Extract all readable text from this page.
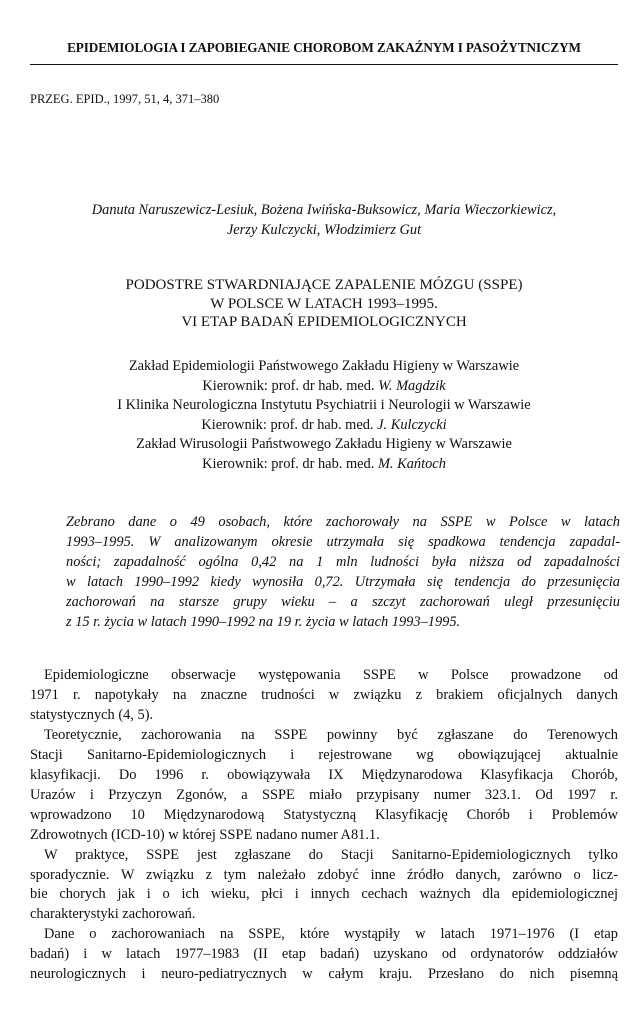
EPIDEMIOLOGIA I ZAPOBIEGANIE CHOROBOM ZAKAŹNYM I PASOŻYTNICZYM
PRZEG. EPID., 1997, 51, 4, 371–380
Danuta Naruszewicz-Lesiuk, Bożena Iwińska-Buksowicz, Maria Wieczorkiewicz,
Jerzy Kulczycki, Włodzimierz Gut
PODOSTRE STWARDNIAJĄCE ZAPALENIE MÓZGU (SSPE)
W POLSCE W LATACH 1993–1995.
VI ETAP BADAŃ EPIDEMIOLOGICZNYCH
Zakład Epidemiologii Państwowego Zakładu Higieny w Warszawie
Kierownik: prof. dr hab. med. W. Magdzik
I Klinika Neurologiczna Instytutu Psychiatrii i Neurologii w Warszawie
Kierownik: prof. dr hab. med. J. Kulczycki
Zakład Wirusologii Państwowego Zakładu Higieny w Warszawie
Kierownik: prof. dr hab. med. M. Kańtoch
Zebrano dane o 49 osobach, które zachorowały na SSPE w Polsce w latach
1993–1995. W analizowanym okresie utrzymała się spadkowa tendencja zapadal-
ności; zapadalność ogólna 0,42 na 1 mln ludności była niższa od zapadalności
w latach 1990–1992 kiedy wynosiła 0,72. Utrzymała się tendencja do przesunięcia
zachorowań na starsze grupy wieku – a szczyt zachorowań uległ przesunięciu
z 15 r. życia w latach 1990–1992 na 19 r. życia w latach 1993–1995.
Epidemiologiczne obserwacje występowania SSPE w Polsce prowadzone od
1971 r. napotykały na znaczne trudności w związku z brakiem oficjalnych danych
statystycznych (4, 5).
Teoretycznie, zachorowania na SSPE powinny być zgłaszane do Terenowych
Stacji Sanitarno-Epidemiologicznych i rejestrowane wg obowiązującej aktualnie
klasyfikacji. Do 1996 r. obowiązywała IX Międzynarodowa Klasyfikacja Chorób,
Urazów i Przyczyn Zgonów, a SSPE miało przypisany numer 323.1. Od 1997 r.
wprowadzono 10 Międzynarodową Statystyczną Klasyfikację Chorób i Problemów
Zdrowotnych (ICD-10) w której SSPE nadano numer A81.1.
W praktyce, SSPE jest zgłaszane do Stacji Sanitarno-Epidemiologicznych tylko
sporadycznie. W związku z tym należało zdobyć inne źródło danych, zarówno o licz-
bie chorych jak i o ich wieku, płci i innych cechach ważnych dla epidemiologicznej
charakterystyki zachorowań.
Dane o zachorowaniach na SSPE, które wystąpiły w latach 1971–1976 (I etap
badań) i w latach 1977–1983 (II etap badań) uzyskano od ordynatorów oddziałów
neurologicznych i neuro-pediatrycznych w całym kraju. Przesłano do nich pisemną
